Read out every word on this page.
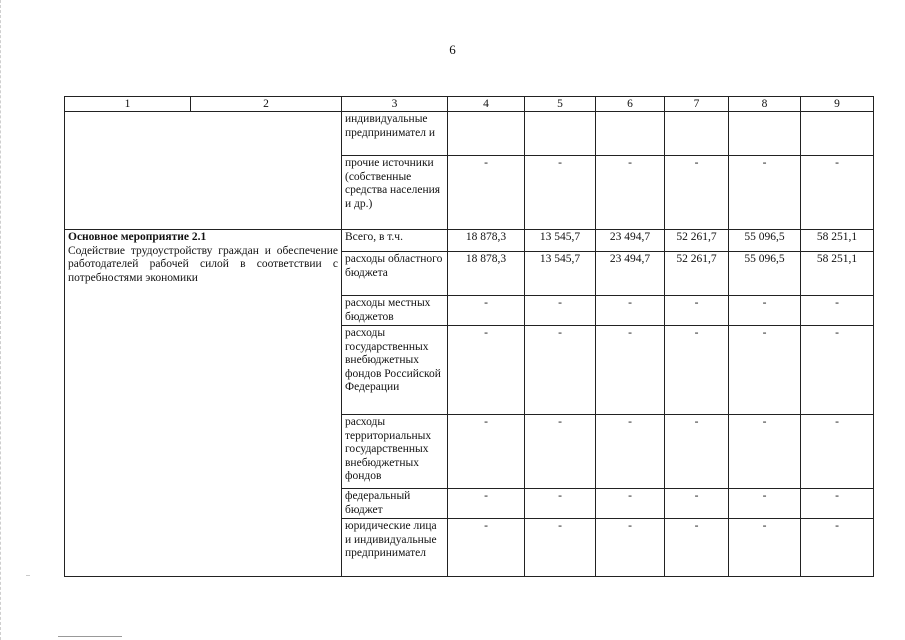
..
6
1	2	3	4	5	6	7	8	9
		индивидуальные предпринимател и						
		прочие источники (собственные средства населения и др.)	-	-	-	-	-	-

Основное мероприятие 2.1
Содействие трудоустройству граждан и обеспечение работодателей рабочей силой в соответствии с потребностями экономики		Всего, в т.ч.	18 878,3	13 545,7	23 494,7	52 261,7	55 096,5	58 251,1
		расходы областного бюджета	18 878,3	13 545,7	23 494,7	52 261,7	55 096,5	58 251,1
		расходы местных бюджетов	-	-	-	-	-	-
		расходы государственных внебюджетных фондов Российской Федерации	-	-	-	-	-	-
		расходы территориальных государственных внебюджетных фондов	-	-	-	-	-	-
		федеральный бюджет	-	-	-	-	-	-
		юридические лица и индивидуальные предпринимател	-	-	-	-	-	-
